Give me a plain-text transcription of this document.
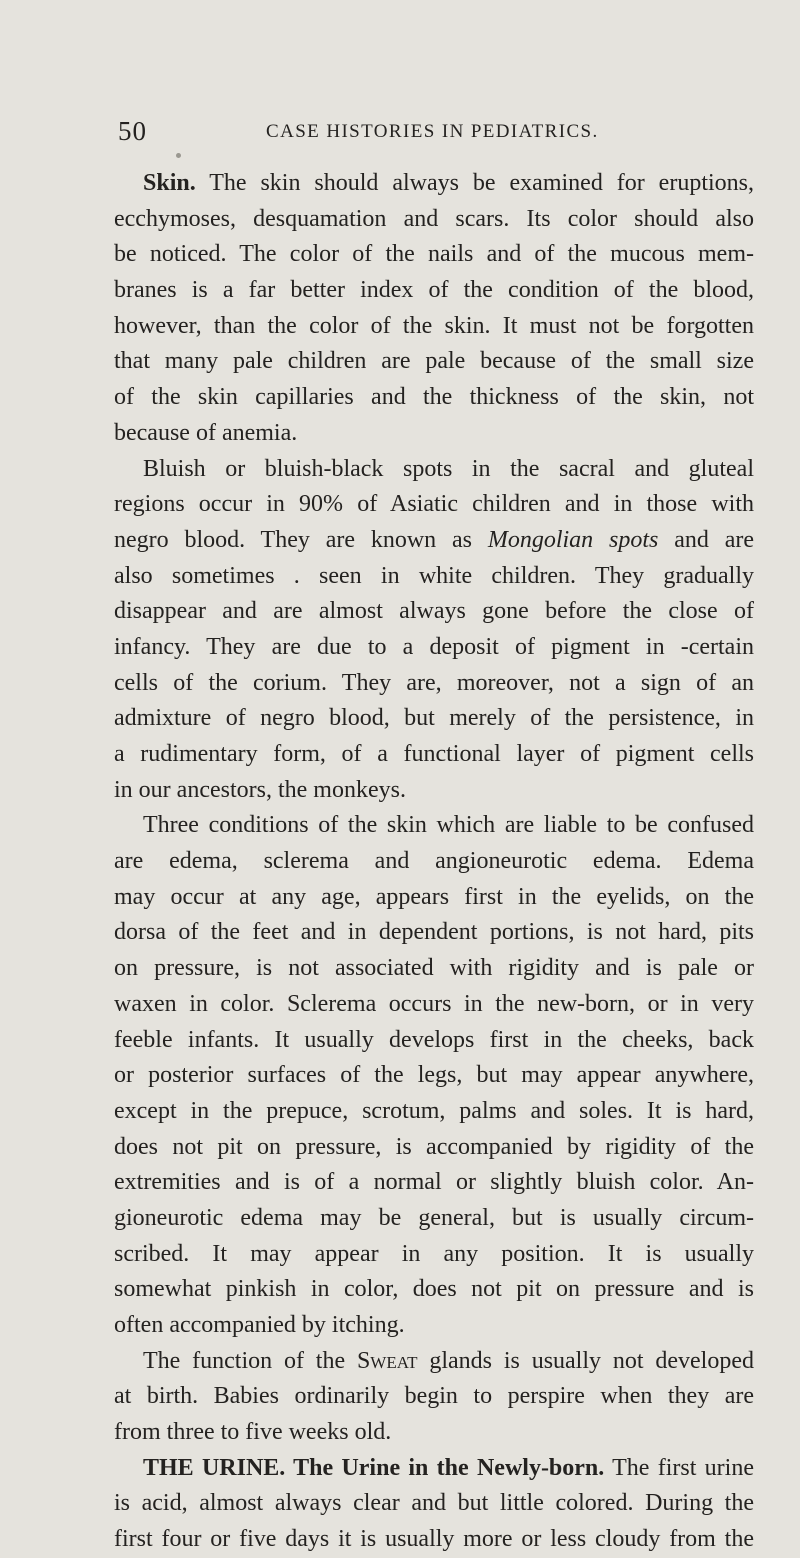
50	CASE HISTORIES IN PEDIATRICS.
Skin. The skin should always be examined for eruptions,
ecchymoses, desquamation and scars. Its color should also
be noticed. The color of the nails and of the mucous mem-
branes is a far better index of the condition of the blood,
however, than the color of the skin. It must not be forgotten
that many pale children are pale because of the small size
of the skin capillaries and the thickness of the skin, not
because of anemia.
Bluish or bluish-black spots in the sacral and gluteal
regions occur in 90% of Asiatic children and in those with
negro blood. They are known as Mongolian spots and are
also sometimes . seen in white children. They gradually
disappear and are almost always gone before the close of
infancy. They are due to a deposit of pigment in -certain
cells of the corium. They are, moreover, not a sign of an
admixture of negro blood, but merely of the persistence, in
a rudimentary form, of a functional layer of pigment cells
in our ancestors, the monkeys.
Three conditions of the skin which are liable to be confused
are edema, sclerema and angioneurotic edema. Edema
may occur at any age, appears first in the eyelids, on the
dorsa of the feet and in dependent portions, is not hard, pits
on pressure, is not associated with rigidity and is pale or
waxen in color. Sclerema occurs in the new-born, or in very
feeble infants. It usually develops first in the cheeks, back
or posterior surfaces of the legs, but may appear anywhere,
except in the prepuce, scrotum, palms and soles. It is hard,
does not pit on pressure, is accompanied by rigidity of the
extremities and is of a normal or slightly bluish color. An-
gioneurotic edema may be general, but is usually circum-
scribed. It may appear in any position. It is usually
somewhat pinkish in color, does not pit on pressure and is
often accompanied by itching.
The function of the Sweat glands is usually not developed
at birth. Babies ordinarily begin to perspire when they are
from three to five weeks old.
THE URINE. The Urine in the Newly-born. The first urine
is acid, almost always clear and but little colored. During the
first four or five days it is usually more or less cloudy from the
